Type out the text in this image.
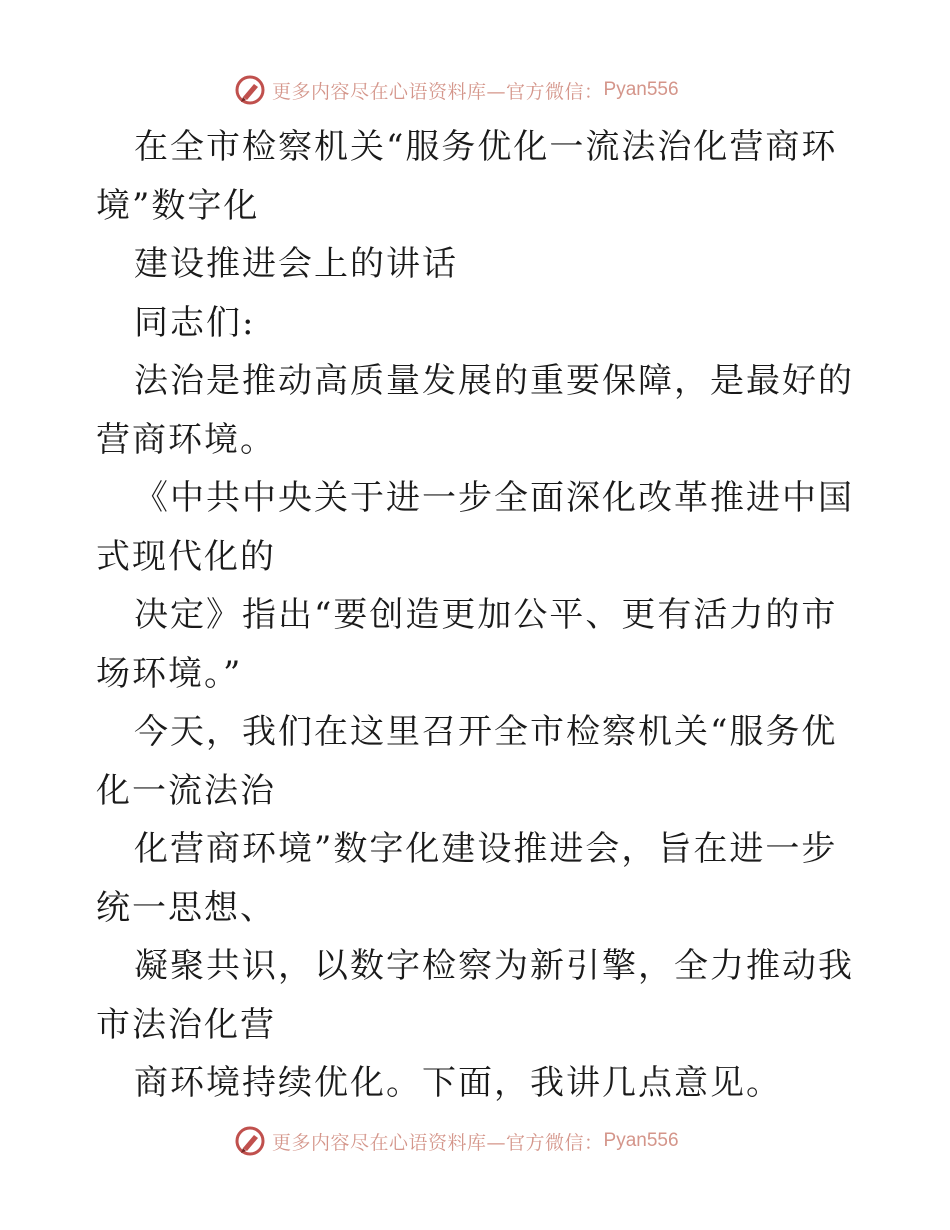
更多内容尽在心语资料库—官方微信： Pyan556

在全市检察机关“服务优化一流法治化营商环境”数字化

建设推进会上的讲话

同志们:

法治是推动高质量发展的重要保障，是最好的营商环境。

《中共中央关于进一步全面深化改革推进中国式现代化的

决定》指出“要创造更加公平、更有活力的市场环境。”

今天，我们在这里召开全市检察机关“服务优化一流法治

化营商环境”数字化建设推进会，旨在进一步统一思想、

凝聚共识，以数字检察为新引擎，全力推动我市法治化营

商环境持续优化。下面，我讲几点意见。

更多内容尽在心语资料库—官方微信： Pyan556
